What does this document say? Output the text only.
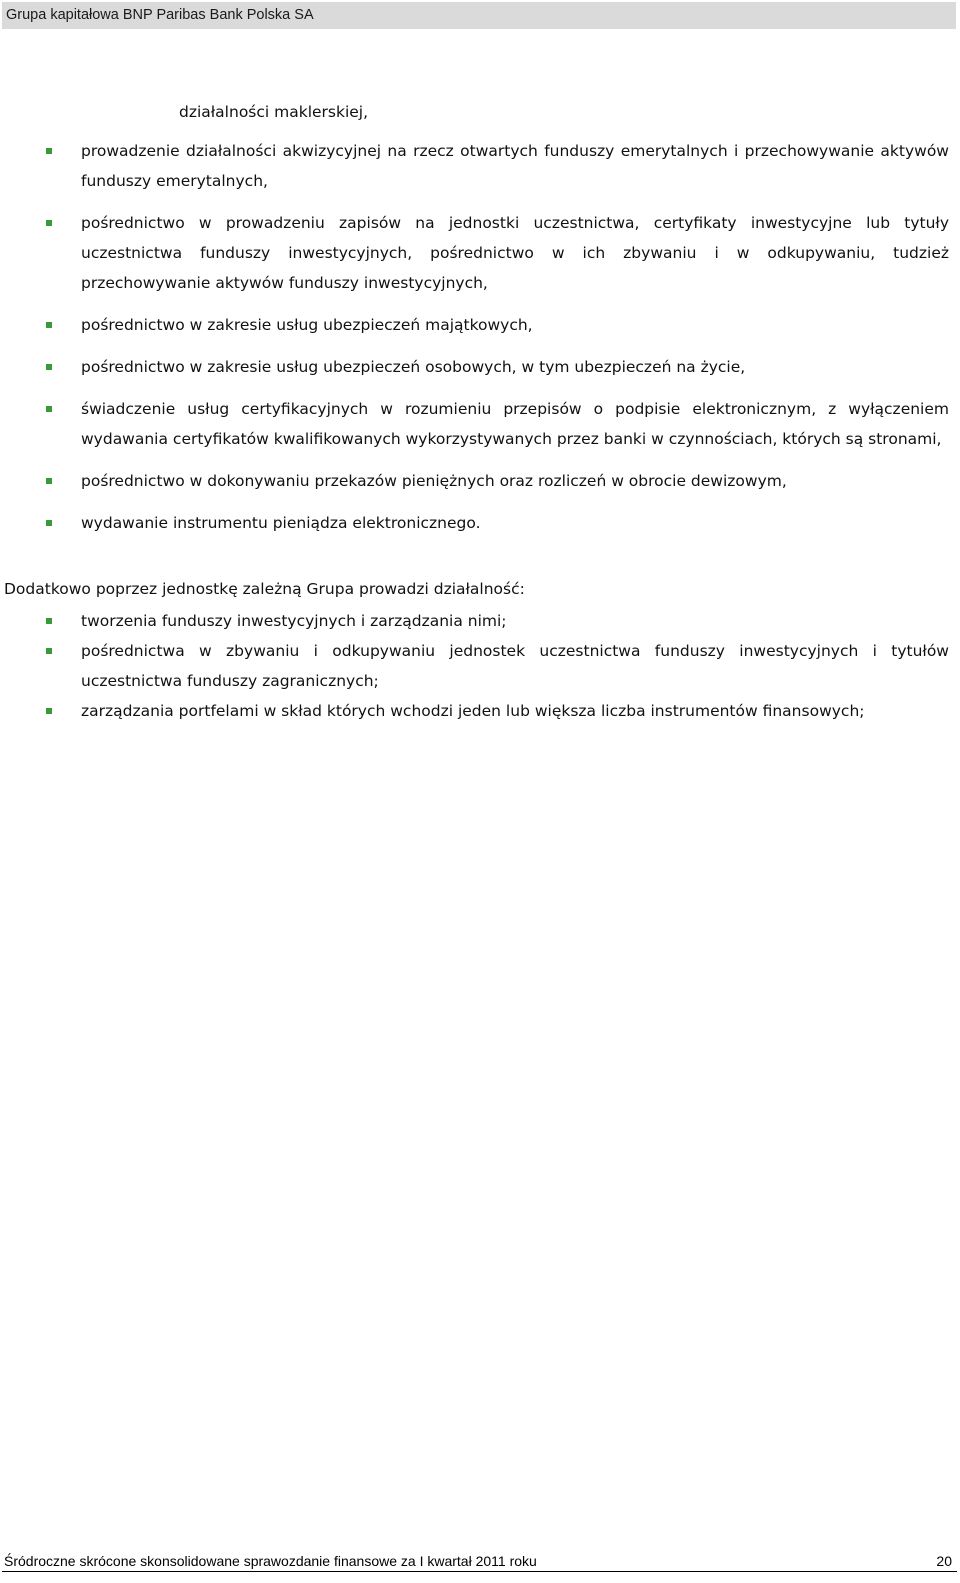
Grupa kapitałowa BNP Paribas Bank Polska SA
działalności maklerskiej,
prowadzenie działalności akwizycyjnej na rzecz otwartych funduszy emerytalnych i przechowywanie aktywów funduszy emerytalnych,
pośrednictwo w prowadzeniu zapisów na jednostki uczestnictwa, certyfikaty inwestycyjne lub tytuły uczestnictwa funduszy inwestycyjnych, pośrednictwo w ich zbywaniu i w odkupywaniu, tudzież przechowywanie aktywów funduszy inwestycyjnych,
pośrednictwo w zakresie usług ubezpieczeń majątkowych,
pośrednictwo w zakresie usług ubezpieczeń osobowych, w tym ubezpieczeń na życie,
świadczenie usług certyfikacyjnych w rozumieniu przepisów o podpisie elektronicznym, z wyłączeniem wydawania certyfikatów kwalifikowanych wykorzystywanych przez banki w czynnościach, których są stronami,
pośrednictwo w dokonywaniu przekazów pieniężnych oraz rozliczeń w obrocie dewizowym,
wydawanie instrumentu pieniądza elektronicznego.
Dodatkowo poprzez jednostkę zależną Grupa prowadzi działalność:
tworzenia funduszy inwestycyjnych i zarządzania nimi;
pośrednictwa w zbywaniu i odkupywaniu jednostek uczestnictwa funduszy inwestycyjnych i tytułów uczestnictwa funduszy zagranicznych;
zarządzania portfelami w skład których wchodzi jeden lub większa liczba instrumentów finansowych;
Śródroczne skrócone skonsolidowane sprawozdanie finansowe za I kwartał 2011 roku	20
